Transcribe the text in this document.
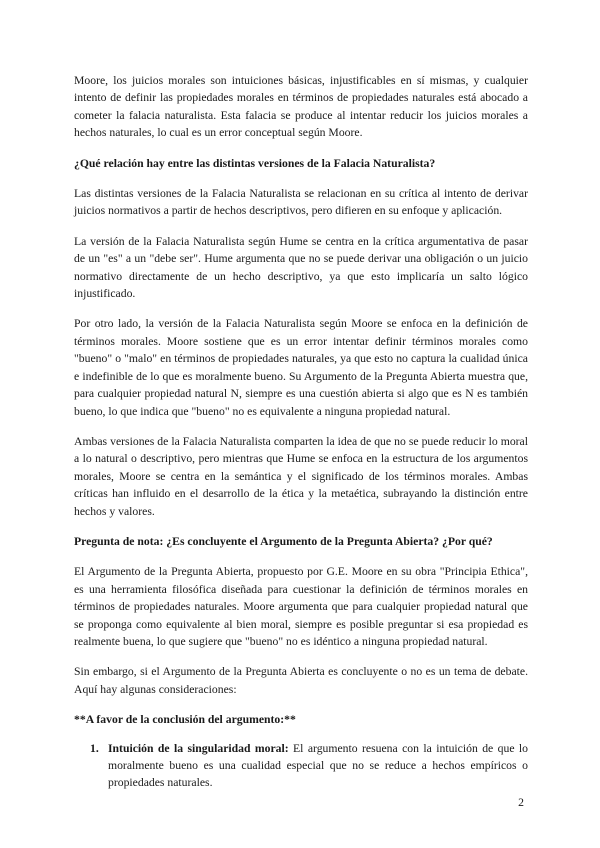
Moore, los juicios morales son intuiciones básicas, injustificables en sí mismas, y cualquier intento de definir las propiedades morales en términos de propiedades naturales está abocado a cometer la falacia naturalista. Esta falacia se produce al intentar reducir los juicios morales a hechos naturales, lo cual es un error conceptual según Moore.

¿Qué relación hay entre las distintas versiones de la Falacia Naturalista?

Las distintas versiones de la Falacia Naturalista se relacionan en su crítica al intento de derivar juicios normativos a partir de hechos descriptivos, pero difieren en su enfoque y aplicación.

La versión de la Falacia Naturalista según Hume se centra en la crítica argumentativa de pasar de un "es" a un "debe ser". Hume argumenta que no se puede derivar una obligación o un juicio normativo directamente de un hecho descriptivo, ya que esto implicaría un salto lógico injustificado.

Por otro lado, la versión de la Falacia Naturalista según Moore se enfoca en la definición de términos morales. Moore sostiene que es un error intentar definir términos morales como "bueno" o "malo" en términos de propiedades naturales, ya que esto no captura la cualidad única e indefinible de lo que es moralmente bueno. Su Argumento de la Pregunta Abierta muestra que, para cualquier propiedad natural N, siempre es una cuestión abierta si algo que es N es también bueno, lo que indica que "bueno" no es equivalente a ninguna propiedad natural.

Ambas versiones de la Falacia Naturalista comparten la idea de que no se puede reducir lo moral a lo natural o descriptivo, pero mientras que Hume se enfoca en la estructura de los argumentos morales, Moore se centra en la semántica y el significado de los términos morales. Ambas críticas han influido en el desarrollo de la ética y la metaética, subrayando la distinción entre hechos y valores.

Pregunta de nota: ¿Es concluyente el Argumento de la Pregunta Abierta? ¿Por qué?

El Argumento de la Pregunta Abierta, propuesto por G.E. Moore en su obra "Principia Ethica", es una herramienta filosófica diseñada para cuestionar la definición de términos morales en términos de propiedades naturales. Moore argumenta que para cualquier propiedad natural que se proponga como equivalente al bien moral, siempre es posible preguntar si esa propiedad es realmente buena, lo que sugiere que "bueno" no es idéntico a ninguna propiedad natural.

Sin embargo, si el Argumento de la Pregunta Abierta es concluyente o no es un tema de debate. Aquí hay algunas consideraciones:

**A favor de la conclusión del argumento:**
1. Intuición de la singularidad moral: El argumento resuena con la intuición de que lo moralmente bueno es una cualidad especial que no se reduce a hechos empíricos o propiedades naturales.
2
